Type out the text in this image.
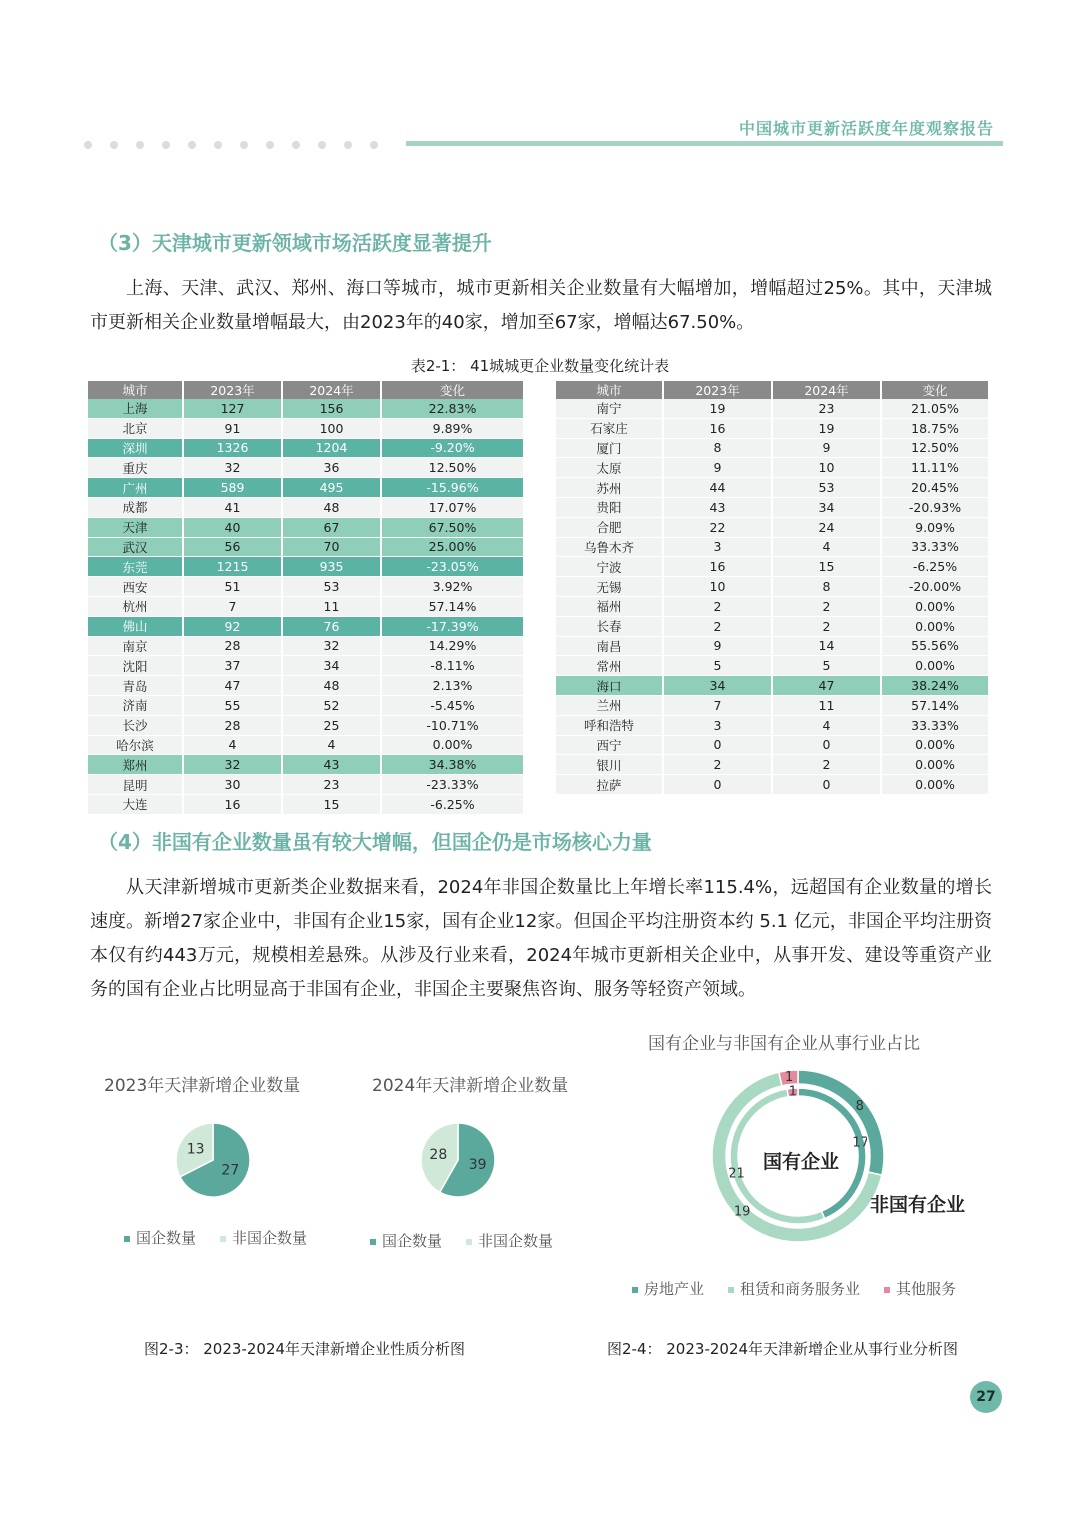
中国城市更新活跃度年度观察报告
（3）天津城市更新领域市场活跃度显著提升

上海、天津、武汉、郑州、海口等城市，城市更新相关企业数量有大幅增加，增幅超过25%。其中，天津城市更新相关企业数量增幅最大，由2023年的40家，增加至67家，增幅达67.50%。

表2-1： 41城城更企业数量变化统计表
城市	2023年	2024年	变化
上海	127	156	22.83%
北京	91	100	9.89%
深圳	1326	1204	-9.20%
重庆	32	36	12.50%
广州	589	495	-15.96%
成都	41	48	17.07%
天津	40	67	67.50%
武汉	56	70	25.00%
东莞	1215	935	-23.05%
西安	51	53	3.92%
杭州	7	11	57.14%
佛山	92	76	-17.39%
南京	28	32	14.29%
沈阳	37	34	-8.11%
青岛	47	48	2.13%
济南	55	52	-5.45%
长沙	28	25	-10.71%
哈尔滨	4	4	0.00%
郑州	32	43	34.38%
昆明	30	23	-23.33%
大连	16	15	-6.25%
城市	2023年	2024年	变化
南宁	19	23	21.05%
石家庄	16	19	18.75%
厦门	8	9	12.50%
太原	9	10	11.11%
苏州	44	53	20.45%
贵阳	43	34	-20.93%
合肥	22	24	9.09%
乌鲁木齐	3	4	33.33%
宁波	16	15	-6.25%
无锡	10	8	-20.00%
福州	2	2	0.00%
长春	2	2	0.00%
南昌	9	14	55.56%
常州	5	5	0.00%
海口	34	47	38.24%
兰州	7	11	57.14%
呼和浩特	3	4	33.33%
西宁	0	0	0.00%
银川	2	2	0.00%
拉萨	0	0	0.00%
（4）非国有企业数量虽有较大增幅，但国企仍是市场核心力量

从天津新增城市更新类企业数据来看，2024年非国企数量比上年增长率115.4%，远超国有企业数量的增长速度。新增27家企业中，非国有企业15家，国有企业12家。但国企平均注册资本约 5.1 亿元，非国企平均注册资本仅有约443万元，规模相差悬殊。从涉及行业来看，2024年城市更新相关企业中，从事开发、建设等重资产业务的国有企业占比明显高于非国有企业，非国企主要聚焦咨询、服务等轻资产领域。

2023年天津新增企业数量	2024年天津新增企业数量
国有企业与非国有企业从事行业占比
27
13
39
28
17
21
1
8
19
1
国有企业
非国有企业
国企数量	非国企数量	国企数量	非国企数量
房地产业	租赁和商务服务业	其他服务
图2-3： 2023-2024年天津新增企业性质分析图	图2-4： 2023-2024年天津新增企业从事行业分析图
27
